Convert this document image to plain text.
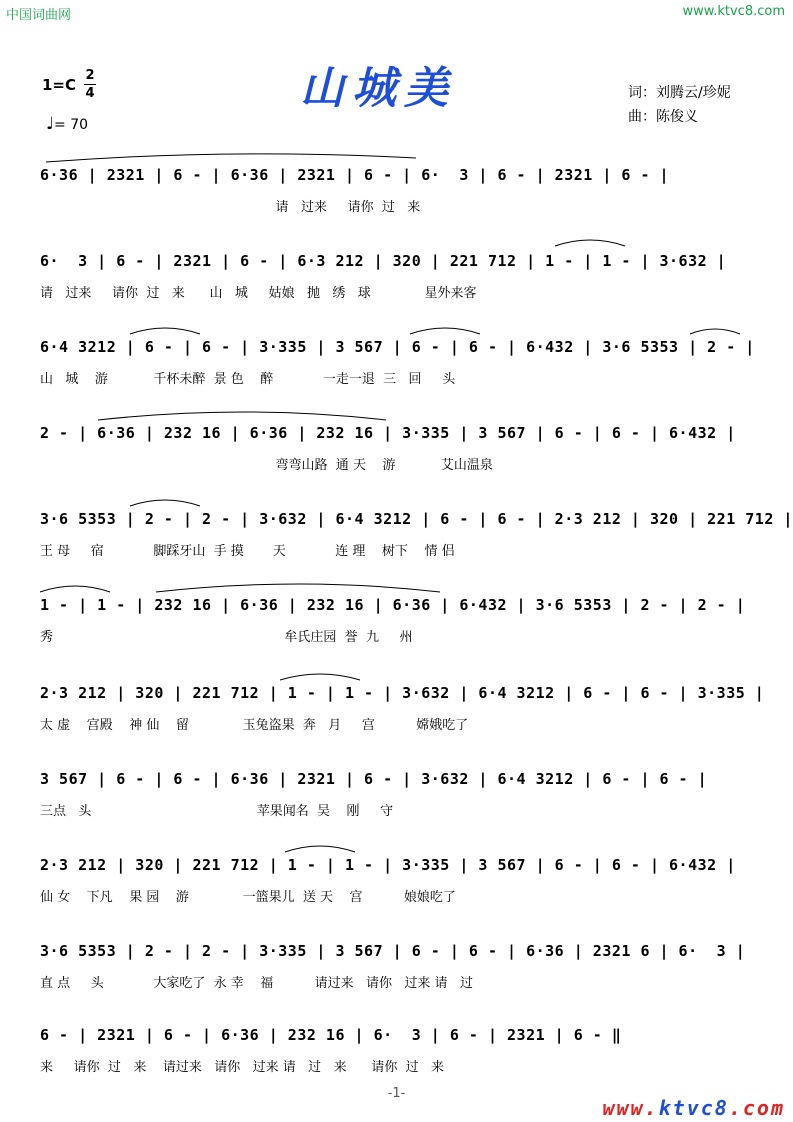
中国词曲网	www.ktvc8.com
山城美
1=C
2
4
♩= 70
词：刘腾云/珍妮
曲：陈俊义
6·36 | 2321 | 6 - | 6·36 | 2321 | 6 - | 6·  3 | 6 - | 2321 | 6 - |
请   过来     请你  过   来
6·  3 | 6 - | 2321 | 6 - | 6·3 212 | 320 | 221 712 | 1 - | 1 - | 3·632 |
请   过来     请你  过   来      山   城     姑娘   抛   绣   球             星外来客
6·4 3212 | 6 - | 6 - | 3·335 | 3 567 | 6 - | 6 - | 6·432 | 3·6 5353 | 2 - |
山   城    游           千杯未醉  景 色    醉            一走一退  三   回     头
2 - | 6·36 | 232 16 | 6·36 | 232 16 | 3·335 | 3 567 | 6 - | 6 - | 6·432 |
弯弯山路  通 天    游           艾山温泉
3·6 5353 | 2 - | 2 - | 3·632 | 6·4 3212 | 6 - | 6 - | 2·3 212 | 320 | 221 712 |
王 母     宿            脚踩牙山  手 摸       天            连 理    树下    情 侣
1 - | 1 - | 232 16 | 6·36 | 232 16 | 6·36 | 6·432 | 3·6 5353 | 2 - | 2 - |
秀                                                        牟氏庄园  誉  九     州
2·3 212 | 320 | 221 712 | 1 - | 1 - | 3·632 | 6·4 3212 | 6 - | 6 - | 3·335 |
太 虚    宫殿    神 仙    留             玉兔盗果  奔   月     宫          嫦娥吃了
3 567 | 6 - | 6 - | 6·36 | 2321 | 6 - | 3·632 | 6·4 3212 | 6 - | 6 - |
三点   头                                        苹果闻名  吴    刚     守
2·3 212 | 320 | 221 712 | 1 - | 1 - | 3·335 | 3 567 | 6 - | 6 - | 6·432 |
仙 女    下凡    果 园    游             一篮果儿  送 天    宫          娘娘吃了
3·6 5353 | 2 - | 2 - | 3·335 | 3 567 | 6 - | 6 - | 6·36 | 2321 6 | 6·  3 |
直 点     头            大家吃了  永 幸    福          请过来   请你   过来 请   过
6 - | 2321 | 6 - | 6·36 | 232 16 | 6·  3 | 6 - | 2321 | 6 - ‖
来     请你  过   来    请过来   请你   过来 请   过   来      请你  过   来
-1-
www.ktvc8.com
